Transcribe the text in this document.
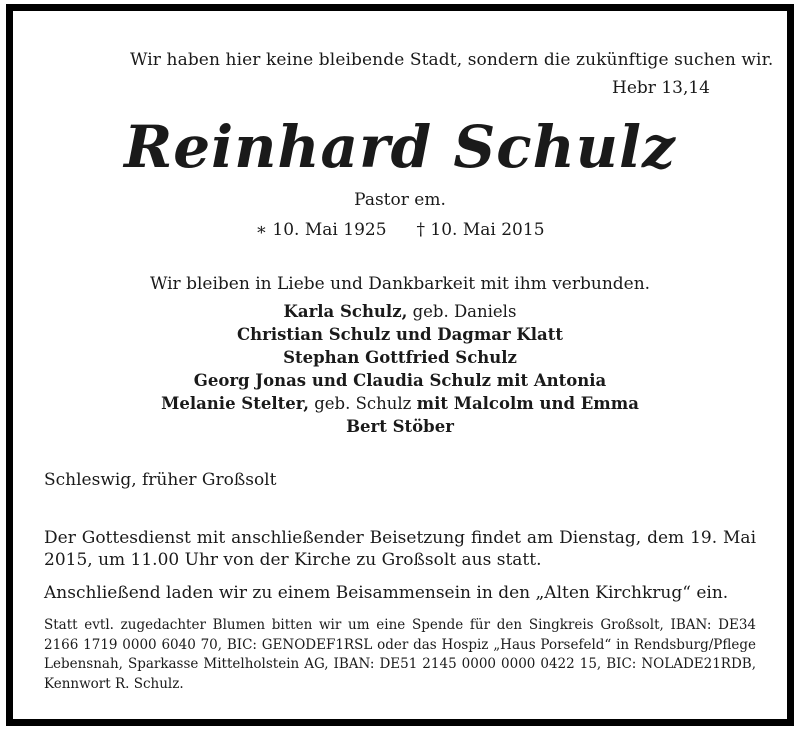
Wir haben hier keine bleibende Stadt, sondern die zukünftige suchen wir.
Hebr 13,14
Reinhard Schulz
Pastor em.
∗ 10. Mai 1925 † 10. Mai 2015
Wir bleiben in Liebe und Dankbarkeit mit ihm verbunden.
Karla Schulz, geb. Daniels
Christian Schulz und Dagmar Klatt
Stephan Gottfried Schulz
Georg Jonas und Claudia Schulz mit Antonia
Melanie Stelter, geb. Schulz mit Malcolm und Emma
Bert Stöber
Schleswig, früher Großsolt
Der Gottesdienst mit anschließender Beisetzung findet am Dienstag, dem 19. Mai 2015, um 11.00 Uhr von der Kirche zu Großsolt aus statt.
Anschließend laden wir zu einem Beisammensein in den „Alten Kirchkrug“ ein.
Statt evtl. zugedachter Blumen bitten wir um eine Spende für den Singkreis Großsolt, IBAN: DE34 2166 1719 0000 6040 70, BIC: GENODEF1RSL oder das Hospiz „Haus Porsefeld“ in Rendsburg/Pflege Lebensnah, Sparkasse Mittelholstein AG, IBAN: DE51 2145 0000 0000 0422 15, BIC: NOLADE21RDB, Kennwort R. Schulz.
